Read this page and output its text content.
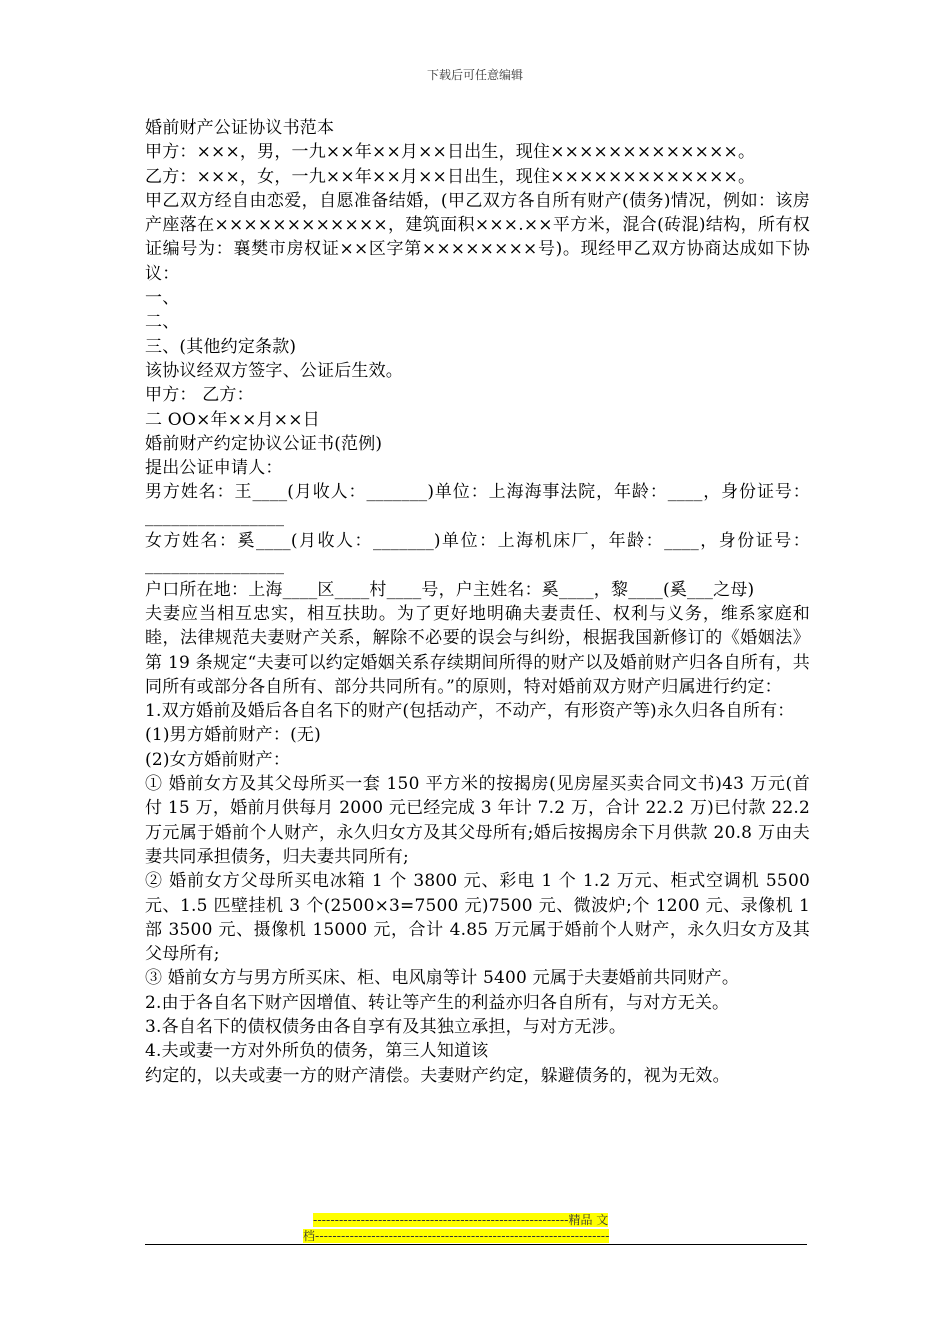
下载后可任意编辑

婚前财产公证协议书范本

甲方：×××，男，一九××年××月××日出生，现住×××××××××××××。

乙方：×××，女，一九××年××月××日出生，现住×××××××××××××。

甲乙双方经自由恋爱，自愿准备结婚，(甲乙双方各自所有财产(债务)情况，例如：该房产座落在××××××××××××，建筑面积×××.××平方米，混合(砖混)结构，所有权证编号为：襄樊市房权证××区字第××××××××号)。现经甲乙双方协商达成如下协议：

一、

二、

三、(其他约定条款)

该协议经双方签字、公证后生效。

甲方： 乙方：

二 OO×年××月××日

婚前财产约定协议公证书(范例)

提出公证申请人：

男方姓名：王____(月收人：_______)单位：上海海事法院，年龄：____，身份证号：________________

女方姓名：奚____(月收人：_______)单位：上海机床厂，年龄：____，身份证号：________________

户口所在地：上海____区____村____号，户主姓名：奚____，黎____(奚___之母)

夫妻应当相互忠实，相互扶助。为了更好地明确夫妻责任、权利与义务，维系家庭和睦，法律规范夫妻财产关系，解除不必要的误会与纠纷，根据我国新修订的《婚姻法》第 19 条规定“夫妻可以约定婚姻关系存续期间所得的财产以及婚前财产归各自所有，共同所有或部分各自所有、部分共同所有。”的原则，特对婚前双方财产归属进行约定：

1.双方婚前及婚后各自名下的财产(包括动产，不动产，有形资产等)永久归各自所有：

(1)男方婚前财产：(无)

(2)女方婚前财产：

① 婚前女方及其父母所买一套 150 平方米的按揭房(见房屋买卖合同文书)43 万元(首付 15 万，婚前月供每月 2000 元已经完成 3 年计 7.2 万，合计 22.2 万)已付款 22.2 万元属于婚前个人财产，永久归女方及其父母所有;婚后按揭房余下月供款 20.8 万由夫妻共同承担债务，归夫妻共同所有;

② 婚前女方父母所买电冰箱 1 个 3800 元、彩电 1 个 1.2 万元、柜式空调机 5500 元、1.5 匹壁挂机 3 个(2500×3=7500 元)7500 元、微波炉;个 1200 元、录像机 1 部 3500 元、摄像机 15000 元，合计 4.85 万元属于婚前个人财产，永久归女方及其父母所有;

③ 婚前女方与男方所买床、柜、电风扇等计 5400 元属于夫妻婚前共同财产。

2.由于各自名下财产因增值、转让等产生的利益亦归各自所有，与对方无关。

3.各自名下的债权债务由各自享有及其独立承担，与对方无涉。

4.夫或妻一方对外所负的债务，第三人知道该

约定的，以夫或妻一方的财产清偿。夫妻财产约定，躲避债务的，视为无效。

-----------------------------------------------------------精品 文
档--------------------------------------------------------------------
